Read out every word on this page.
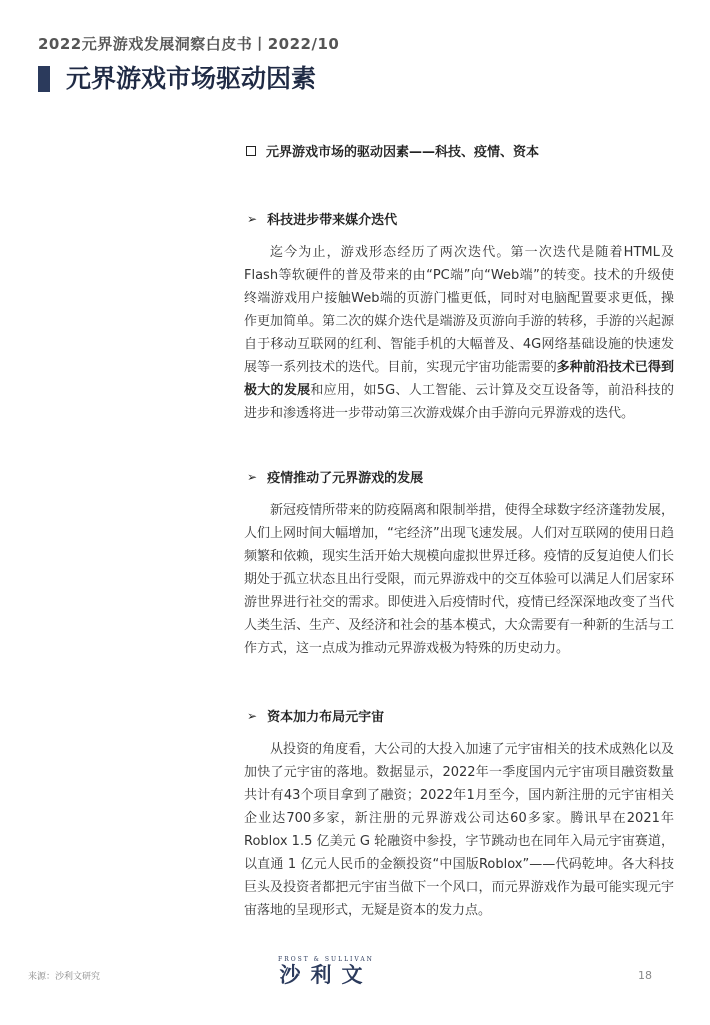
2022元界游戏发展洞察白皮书丨2022/10
元界游戏市场驱动因素
元界游戏市场的驱动因素——科技、疫情、资本
➢ 科技进步带来媒介迭代

迄今为止，游戏形态经历了两次迭代。第一次迭代是随着HTML及Flash等软硬件的普及带来的由“PC端”向“Web端”的转变。技术的升级使终端游戏用户接触Web端的页游门槛更低，同时对电脑配置要求更低，操作更加简单。第二次的媒介迭代是端游及页游向手游的转移，手游的兴起源自于移动互联网的红利、智能手机的大幅普及、4G网络基础设施的快速发展等一系列技术的迭代。目前，实现元宇宙功能需要的多种前沿技术已得到极大的发展和应用，如5G、人工智能、云计算及交互设备等，前沿科技的进步和渗透将进一步带动第三次游戏媒介由手游向元界游戏的迭代。

➢ 疫情推动了元界游戏的发展

新冠疫情所带来的防疫隔离和限制举措，使得全球数字经济蓬勃发展，人们上网时间大幅增加，“宅经济”出现飞速发展。人们对互联网的使用日趋频繁和依赖，现实生活开始大规模向虚拟世界迁移。疫情的反复迫使人们长期处于孤立状态且出行受限，而元界游戏中的交互体验可以满足人们居家环游世界进行社交的需求。即使进入后疫情时代，疫情已经深深地改变了当代人类生活、生产、及经济和社会的基本模式，大众需要有一种新的生活与工作方式，这一点成为推动元界游戏极为特殊的历史动力。

➢ 资本加力布局元宇宙

从投资的角度看，大公司的大投入加速了元宇宙相关的技术成熟化以及加快了元宇宙的落地。数据显示，2022年一季度国内元宇宙项目融资数量共计有43个项目拿到了融资；2022年1月至今，国内新注册的元宇宙相关企业达700多家，新注册的元界游戏公司达60多家。腾讯早在2021年Roblox 1.5 亿美元 G 轮融资中参投，字节跳动也在同年入局元宇宙赛道，以直通 1 亿元人民币的金额投资“中国版Roblox”——代码乾坤。各大科技巨头及投资者都把元宇宙当做下一个风口，而元界游戏作为最可能实现元宇宙落地的呈现形式，无疑是资本的发力点。

来源：沙利文研究
FROST & SULLIVAN
沙利文	18
